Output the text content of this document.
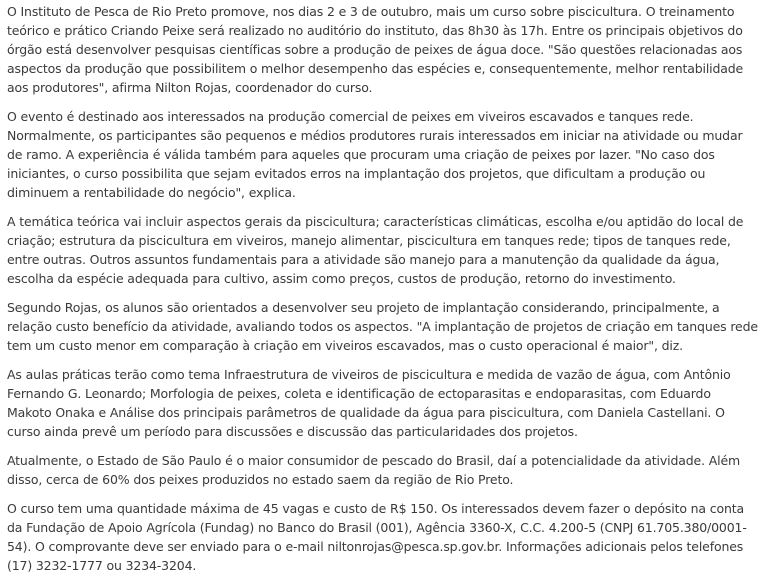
O Instituto de Pesca de Rio Preto promove, nos dias 2 e 3 de outubro, mais um curso sobre piscicultura. O treinamento teórico e prático Criando Peixe será realizado no auditório do instituto, das 8h30 às 17h. Entre os principais objetivos do órgão está desenvolver pesquisas científicas sobre a produção de peixes de água doce. "São questões relacionadas aos aspectos da produção que possibilitem o melhor desempenho das espécies e, consequentemente, melhor rentabilidade aos produtores", afirma Nilton Rojas, coordenador do curso.

O evento é destinado aos interessados na produção comercial de peixes em viveiros escavados e tanques rede. Normalmente, os participantes são pequenos e médios produtores rurais interessados em iniciar na atividade ou mudar de ramo. A experiência é válida também para aqueles que procuram uma criação de peixes por lazer. "No caso dos iniciantes, o curso possibilita que sejam evitados erros na implantação dos projetos, que dificultam a produção ou diminuem a rentabilidade do negócio", explica.

A temática teórica vai incluir aspectos gerais da piscicultura; características climáticas, escolha e/ou aptidão do local de criação; estrutura da piscicultura em viveiros, manejo alimentar, piscicultura em tanques rede; tipos de tanques rede, entre outras. Outros assuntos fundamentais para a atividade são manejo para a manutenção da qualidade da água, escolha da espécie adequada para cultivo, assim como preços, custos de produção, retorno do investimento.

Segundo Rojas, os alunos são orientados a desenvolver seu projeto de implantação considerando, principalmente, a relação custo benefício da atividade, avaliando todos os aspectos. "A implantação de projetos de criação em tanques rede tem um custo menor em comparação à criação em viveiros escavados, mas o custo operacional é maior", diz.

As aulas práticas terão como tema Infraestrutura de viveiros de piscicultura e medida de vazão de água, com Antônio Fernando G. Leonardo; Morfologia de peixes, coleta e identificação de ectoparasitas e endoparasitas, com Eduardo Makoto Onaka e Análise dos principais parâmetros de qualidade da água para piscicultura, com Daniela Castellani. O curso ainda prevê um período para discussões e discussão das particularidades dos projetos.

Atualmente, o Estado de São Paulo é o maior consumidor de pescado do Brasil, daí a potencialidade da atividade. Além disso, cerca de 60% dos peixes produzidos no estado saem da região de Rio Preto.

O curso tem uma quantidade máxima de 45 vagas e custo de R$ 150. Os interessados devem fazer o depósito na conta da Fundação de Apoio Agrícola (Fundag) no Banco do Brasil (001), Agência 3360-X, C.C. 4.200-5 (CNPJ 61.705.380/0001-54). O comprovante deve ser enviado para o e-mail niltonrojas@pesca.sp.gov.br. Informações adicionais pelos telefones (17) 3232-1777 ou 3234-3204.
